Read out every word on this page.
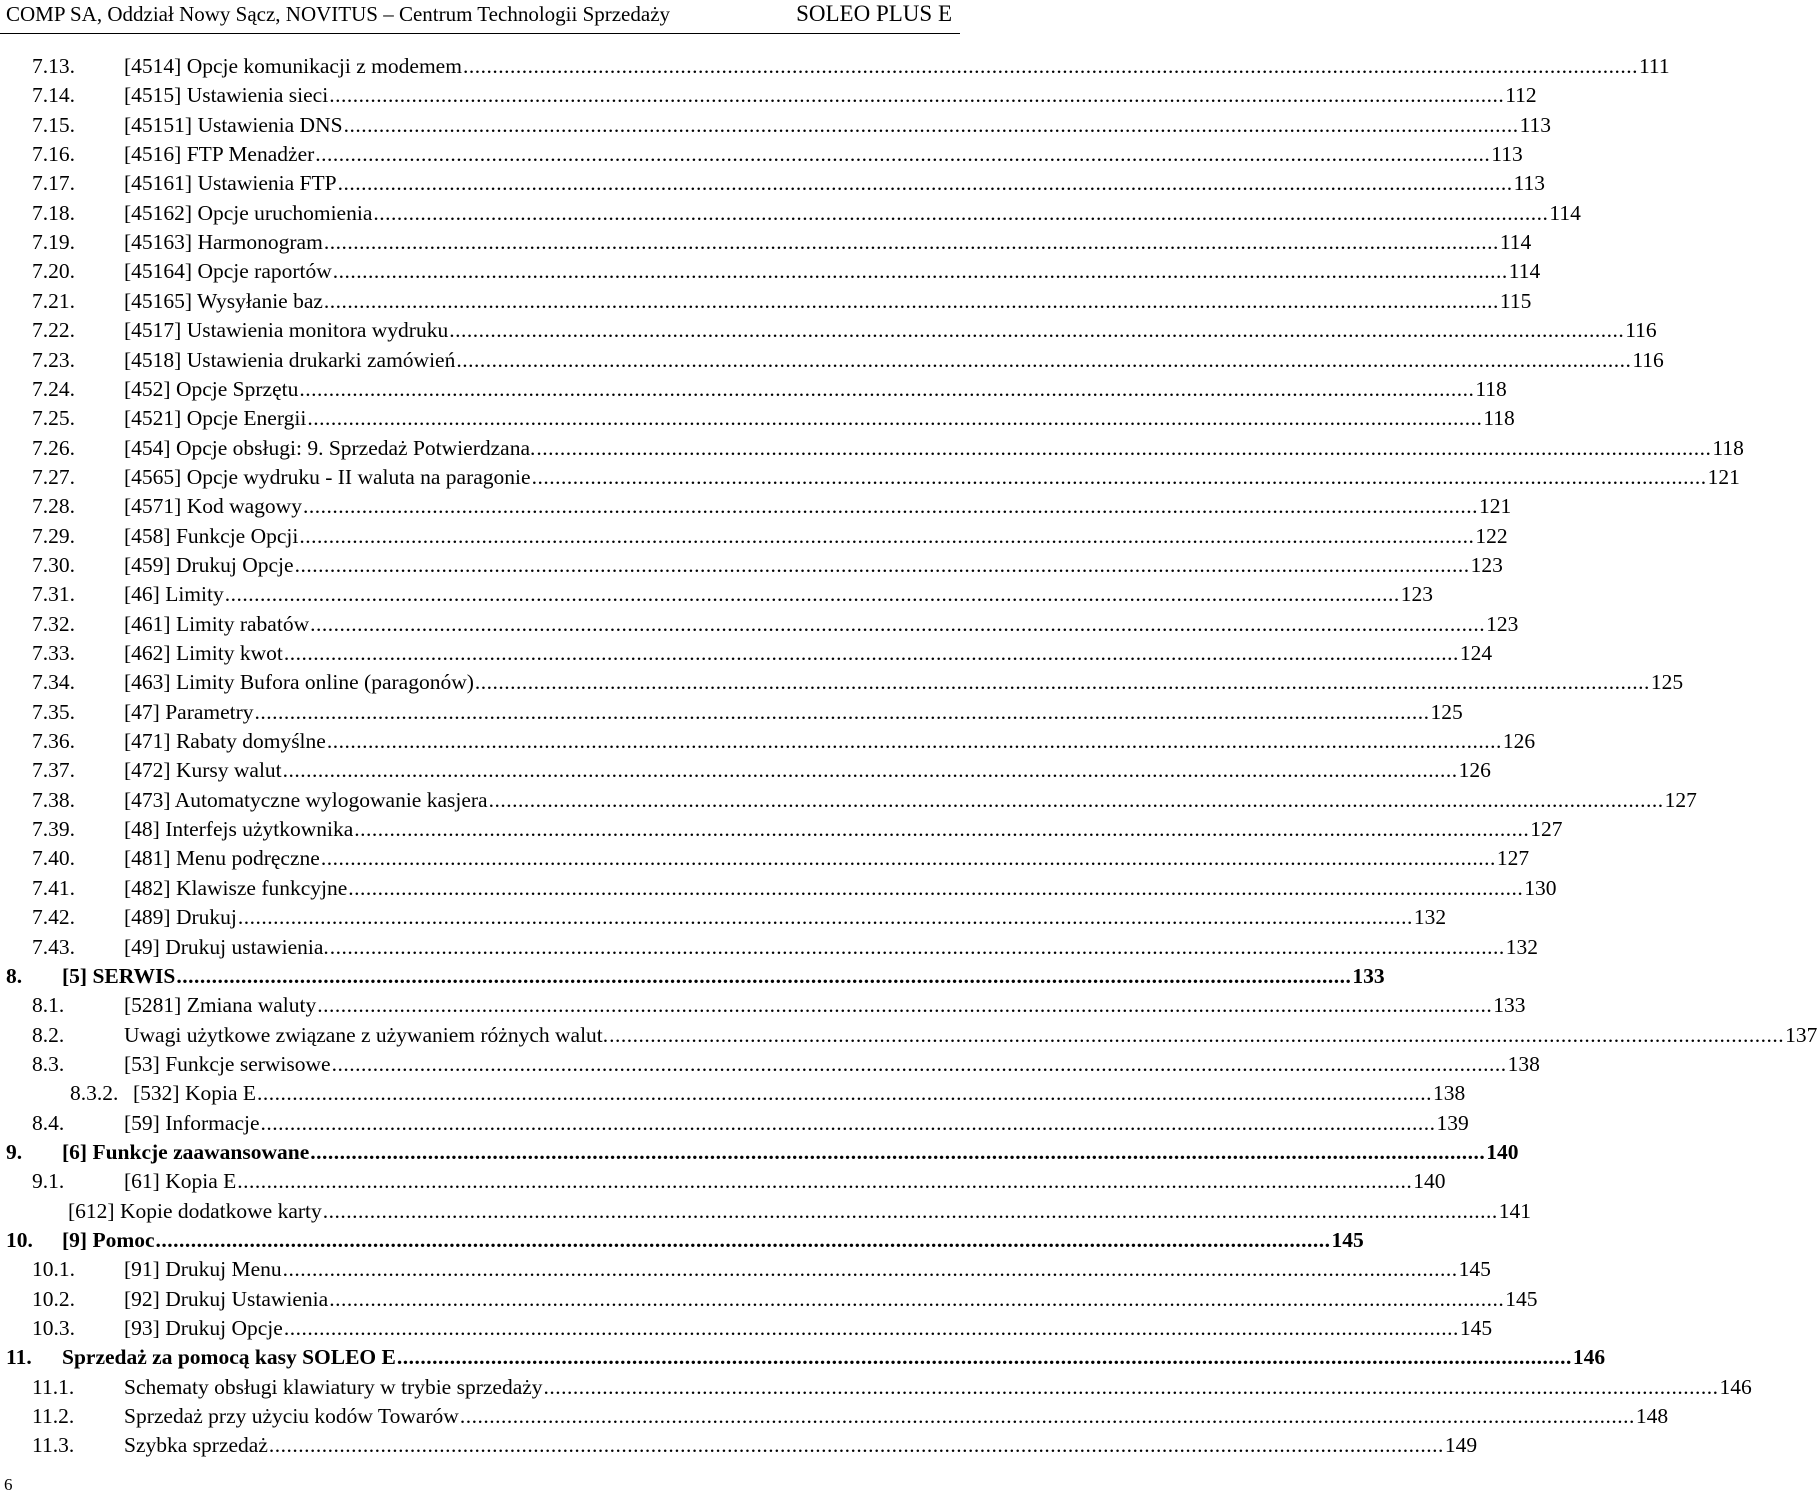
COMP SA, Oddział Nowy Sącz, NOVITUS – Centrum Technologii Sprzedaży	SOLEO PLUS E
7.13. [4514] Opcje komunikacji z modemem ........................................................................................................................................................................................................ 111
7.14. [4515] Ustawienia sieci ........................................................................................................................................................................................................ 112
7.15. [45151] Ustawienia DNS ........................................................................................................................................................................................................ 113
7.16. [4516] FTP Menadżer ........................................................................................................................................................................................................ 113
7.17. [45161] Ustawienia FTP ........................................................................................................................................................................................................ 113
7.18. [45162] Opcje uruchomienia ........................................................................................................................................................................................................ 114
7.19. [45163] Harmonogram ........................................................................................................................................................................................................ 114
7.20. [45164] Opcje raportów ........................................................................................................................................................................................................ 114
7.21. [45165] Wysyłanie baz ........................................................................................................................................................................................................ 115
7.22. [4517] Ustawienia monitora wydruku ........................................................................................................................................................................................................ 116
7.23. [4518] Ustawienia drukarki zamówień ........................................................................................................................................................................................................ 116
7.24. [452] Opcje Sprzętu ........................................................................................................................................................................................................ 118
7.25. [4521] Opcje Energii ........................................................................................................................................................................................................ 118
7.26. [454] Opcje obsługi: 9. Sprzedaż Potwierdzana. ........................................................................................................................................................................................................ 118
7.27. [4565] Opcje wydruku - II waluta na paragonie ........................................................................................................................................................................................................ 121
7.28. [4571] Kod wagowy ........................................................................................................................................................................................................ 121
7.29. [458] Funkcje Opcji ........................................................................................................................................................................................................ 122
7.30. [459] Drukuj Opcje ........................................................................................................................................................................................................ 123
7.31. [46] Limity ........................................................................................................................................................................................................ 123
7.32. [461] Limity rabatów ........................................................................................................................................................................................................ 123
7.33. [462] Limity kwot ........................................................................................................................................................................................................ 124
7.34. [463] Limity Bufora online (paragonów) ........................................................................................................................................................................................................ 125
7.35. [47] Parametry ........................................................................................................................................................................................................ 125
7.36. [471] Rabaty domyślne ........................................................................................................................................................................................................ 126
7.37. [472] Kursy walut ........................................................................................................................................................................................................ 126
7.38. [473] Automatyczne wylogowanie kasjera ........................................................................................................................................................................................................ 127
7.39. [48] Interfejs użytkownika ........................................................................................................................................................................................................ 127
7.40. [481] Menu podręczne ........................................................................................................................................................................................................ 127
7.41. [482] Klawisze funkcyjne ........................................................................................................................................................................................................ 130
7.42. [489] Drukuj ........................................................................................................................................................................................................ 132
7.43. [49] Drukuj ustawienia. ........................................................................................................................................................................................................ 132
8. [5] SERWIS ........................................................................................................................................................................................................ 133
8.1.	[5281] Zmiana waluty ........................................................................................................................................................................................................ 133
8.2.	Uwagi użytkowe związane z używaniem różnych walut. ........................................................................................................................................................................................................ 137
8.3.	[53] Funkcje serwisowe ........................................................................................................................................................................................................ 138
8.3.2. [532] Kopia E ........................................................................................................................................................................................................ 138
8.4.	[59] Informacje ........................................................................................................................................................................................................ 139
9. [6] Funkcje zaawansowane ........................................................................................................................................................................................................ 140
9.1.	[61] Kopia E ........................................................................................................................................................................................................ 140
[612] Kopie dodatkowe karty ........................................................................................................................................................................................................ 141
10. [9] Pomoc ........................................................................................................................................................................................................ 145
10.1. [91] Drukuj Menu ........................................................................................................................................................................................................ 145
10.2. [92] Drukuj Ustawienia ........................................................................................................................................................................................................ 145
10.3. [93] Drukuj Opcje ........................................................................................................................................................................................................ 145
11. Sprzedaż za pomocą kasy SOLEO E ........................................................................................................................................................................................................ 146
11.1. Schematy obsługi klawiatury w trybie sprzedaży ........................................................................................................................................................................................................ 146
11.2. Sprzedaż przy użyciu kodów Towarów ........................................................................................................................................................................................................ 148
11.3. Szybka sprzedaż ........................................................................................................................................................................................................ 149
6
